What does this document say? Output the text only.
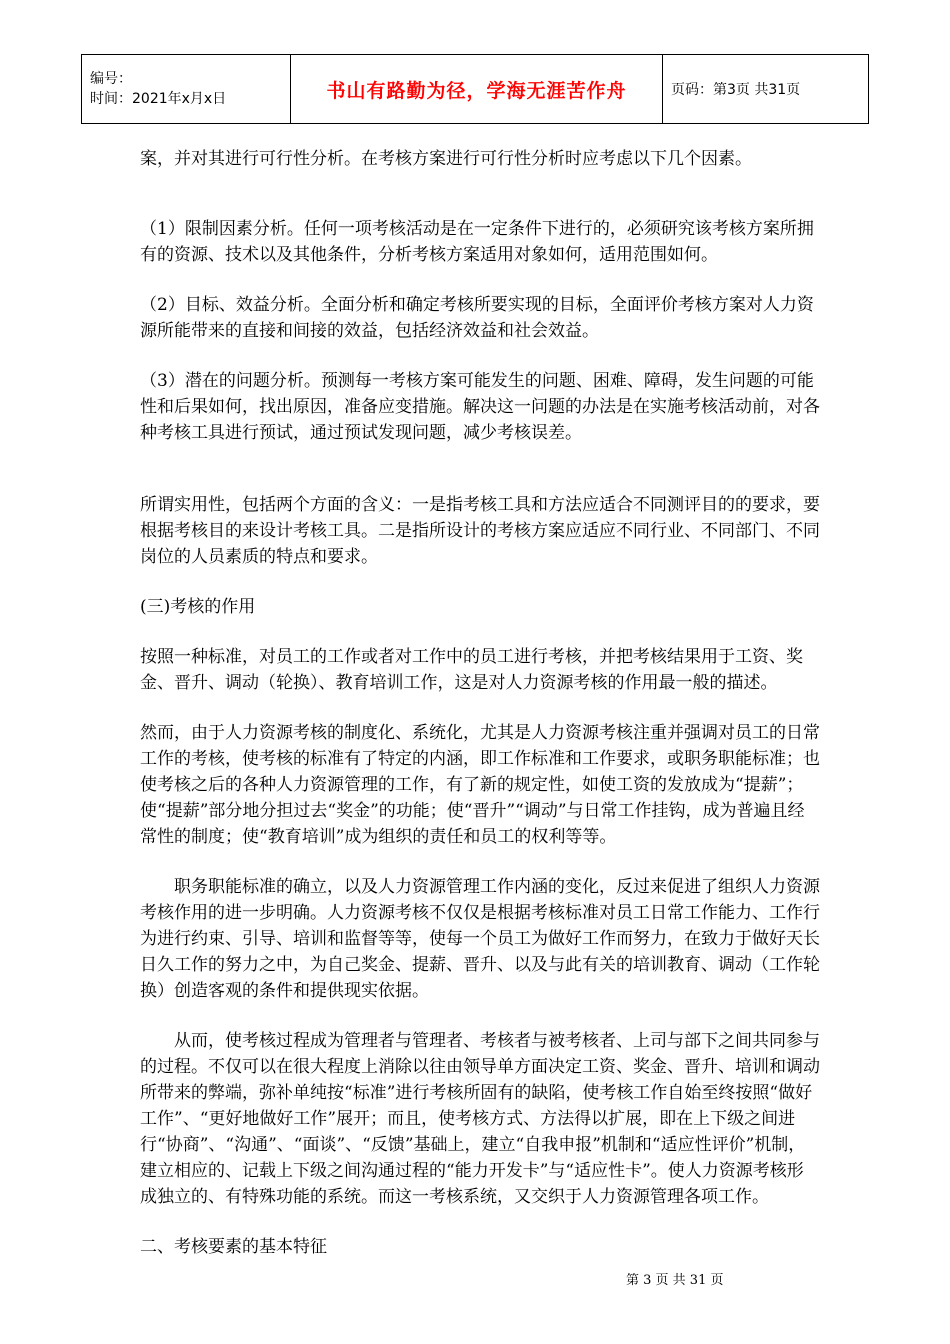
编号：
时间：2021年x月x日	书山有路勤为径，学海无涯苦作舟	页码：第3页 共31页

案，并对其进行可行性分析。在考核方案进行可行性分析时应考虑以下几个因素。

（1）限制因素分析。任何一项考核活动是在一定条件下进行的，必须研究该考核方案所拥有的资源、技术以及其他条件，分析考核方案适用对象如何，适用范围如何。

（2）目标、效益分析。全面分析和确定考核所要实现的目标，全面评价考核方案对人力资源所能带来的直接和间接的效益，包括经济效益和社会效益。

（3）潜在的问题分析。预测每一考核方案可能发生的问题、困难、障碍，发生问题的可能性和后果如何，找出原因，准备应变措施。解决这一问题的办法是在实施考核活动前，对各种考核工具进行预试，通过预试发现问题，减少考核误差。

所谓实用性，包括两个方面的含义：一是指考核工具和方法应适合不同测评目的的要求，要根据考核目的来设计考核工具。二是指所设计的考核方案应适应不同行业、不同部门、不同岗位的人员素质的特点和要求。

(三)考核的作用

按照一种标准，对员工的工作或者对工作中的员工进行考核，并把考核结果用于工资、奖金、晋升、调动（轮换）、教育培训工作，这是对人力资源考核的作用最一般的描述。

然而，由于人力资源考核的制度化、系统化，尤其是人力资源考核注重并强调对员工的日常工作的考核，使考核的标准有了特定的内涵，即工作标准和工作要求，或职务职能标准；也使考核之后的各种人力资源管理的工作，有了新的规定性，如使工资的发放成为“提薪”；使“提薪”部分地分担过去“奖金”的功能；使“晋升”“调动”与日常工作挂钩，成为普遍且经常性的制度；使“教育培训”成为组织的责任和员工的权利等等。

职务职能标准的确立，以及人力资源管理工作内涵的变化，反过来促进了组织人力资源考核作用的进一步明确。人力资源考核不仅仅是根据考核标准对员工日常工作能力、工作行为进行约束、引导、培训和监督等等，使每一个员工为做好工作而努力，在致力于做好天长日久工作的努力之中，为自己奖金、提薪、晋升、以及与此有关的培训教育、调动（工作轮换）创造客观的条件和提供现实依据。

从而，使考核过程成为管理者与管理者、考核者与被考核者、上司与部下之间共同参与的过程。不仅可以在很大程度上消除以往由领导单方面决定工资、奖金、晋升、培训和调动所带来的弊端，弥补单纯按“标准”进行考核所固有的缺陷，使考核工作自始至终按照“做好工作”、“更好地做好工作”展开；而且，使考核方式、方法得以扩展，即在上下级之间进行“协商”、“沟通”、“面谈”、“反馈”基础上，建立“自我申报”机制和“适应性评价”机制，建立相应的、记载上下级之间沟通过程的“能力开发卡”与“适应性卡”。使人力资源考核形成独立的、有特殊功能的系统。而这一考核系统，又交织于人力资源管理各项工作。

二、考核要素的基本特征

第 3 页 共 31 页
